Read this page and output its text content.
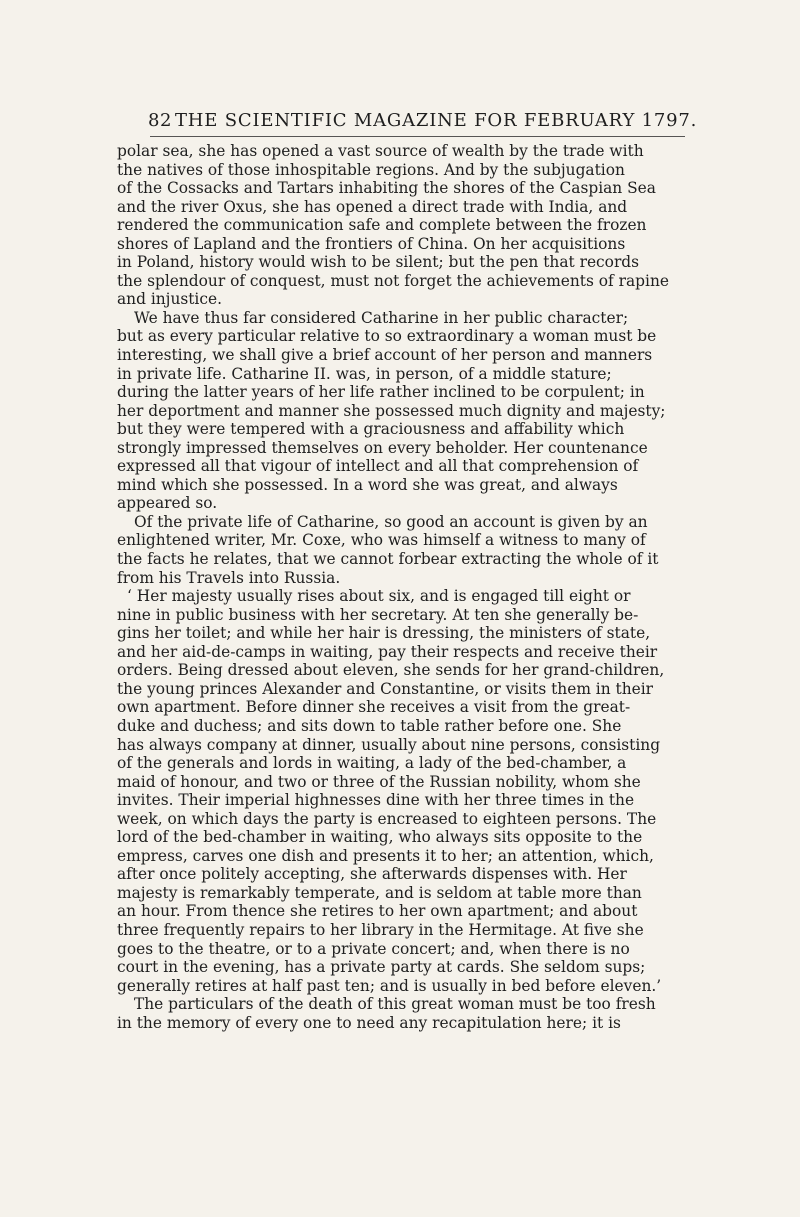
82 THE SCIENTIFIC MAGAZINE FOR FEBRUARY 1797.
polar sea, she has opened a vast source of wealth by the trade with
the natives of those inhospitable regions. And by the subjugation
of the Cossacks and Tartars inhabiting the shores of the Caspian Sea
and the river Oxus, she has opened a direct trade with India, and
rendered the communication safe and complete between the frozen
shores of Lapland and the frontiers of China. On her acquisitions
in Poland, history would wish to be silent; but the pen that records
the splendour of conquest, must not forget the achievements of rapine
and injustice.
We have thus far considered Catharine in her public character;
but as every particular relative to so extraordinary a woman must be
interesting, we shall give a brief account of her person and manners
in private life. Catharine II. was, in person, of a middle stature;
during the latter years of her life rather inclined to be corpulent; in
her deportment and manner she possessed much dignity and majesty;
but they were tempered with a graciousness and affability which
strongly impressed themselves on every beholder. Her countenance
expressed all that vigour of intellect and all that comprehension of
mind which she possessed. In a word she was great, and always
appeared so.
Of the private life of Catharine, so good an account is given by an
enlightened writer, Mr. Coxe, who was himself a witness to many of
the facts he relates, that we cannot forbear extracting the whole of it
from his Travels into Russia.
‘ Her majesty usually rises about six, and is engaged till eight or
nine in public business with her secretary. At ten she generally be-
gins her toilet; and while her hair is dressing, the ministers of state,
and her aid-de-camps in waiting, pay their respects and receive their
orders. Being dressed about eleven, she sends for her grand-children,
the young princes Alexander and Constantine, or visits them in their
own apartment. Before dinner she receives a visit from the great-
duke and duchess; and sits down to table rather before one. She
has always company at dinner, usually about nine persons, consisting
of the generals and lords in waiting, a lady of the bed-chamber, a
maid of honour, and two or three of the Russian nobility, whom she
invites. Their imperial highnesses dine with her three times in the
week, on which days the party is encreased to eighteen persons. The
lord of the bed-chamber in waiting, who always sits opposite to the
empress, carves one dish and presents it to her; an attention, which,
after once politely accepting, she afterwards dispenses with. Her
majesty is remarkably temperate, and is seldom at table more than
an hour. From thence she retires to her own apartment; and about
three frequently repairs to her library in the Hermitage. At five she
goes to the theatre, or to a private concert; and, when there is no
court in the evening, has a private party at cards. She seldom sups;
generally retires at half past ten; and is usually in bed before eleven.’
The particulars of the death of this great woman must be too fresh
in the memory of every one to need any recapitulation here; it is
